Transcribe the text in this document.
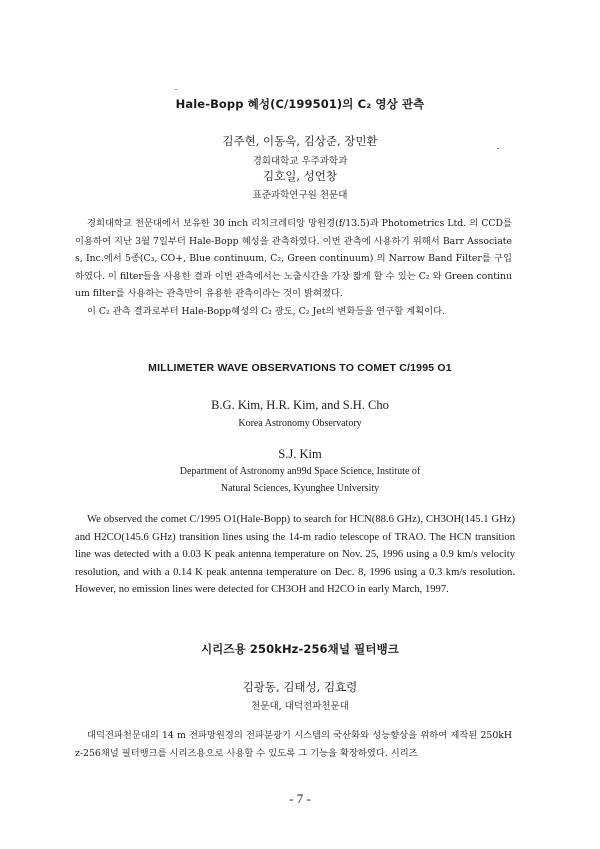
Hale-Bopp 혜성(C/199501)의 C₂ 영상 관측
김주현, 이동욱, 김상준, 장민환
경희대학교 우주과학과
김호일, 성언창
표준과학연구원 천문대

경희대학교 천문대에서 보유한 30 inch 리치크레티앙 망원경(f/13.5)과 Photometrics Ltd. 의 CCD를 이용하여 지난 3월 7일부터 Hale-Bopp 혜성을 관측하였다. 이번 관측에 사용하기 위해서 Barr Associates, Inc.에서 5종(C₃, CO+, Blue continuum, C₂, Green continuum) 의 Narrow Band Filter를 구입하였다. 이 filter들을 사용한 결과 이번 관측에서는 노출시간을 가장 짧게 할 수 있는 C₂ 와 Green continuum filter를 사용하는 관측만이 유용한 관측이라는 것이 밝혀졌다.

이 C₂ 관측 결과로부터 Hale-Bopp혜성의 C₂ 광도, C₂ Jet의 변화등을 연구할 계획이다.

MILLIMETER WAVE OBSERVATIONS TO COMET C/1995 O1
B.G. Kim, H.R. Kim, and S.H. Cho
Korea Astronomy Observatory
S.J. Kim
Department of Astronomy an99d Space Science, Institute of
Natural Sciences, Kyunghee University

We observed the comet C/1995 O1(Hale-Bopp) to search for HCN(88.6 GHz), CH3OH(145.1 GHz) and H2CO(145.6 GHz) transition lines using the 14-m radio telescope of TRAO. The HCN transition line was detected with a 0.03 K peak antenna temperature on Nov. 25, 1996 using a 0.9 km/s velocity resolution, and with a 0.14 K peak antenna temperature on Dec. 8, 1996 using a 0.3 km/s resolution. However, no emission lines were detected for CH3OH and H2CO in early March, 1997.

시리즈용 250kHz-256채널 필터뱅크
김광동, 김태성, 김효령
천문대, 대덕전파천문대

대덕전파천문대의 14 m 전파망원경의 전파분광기 시스템의 국산화와 성능향상을 위하여 제작된 250kHz-256채널 필터뱅크를 시리즈용으로 사용할 수 있도록 그 기능을 확장하였다. 시리즈

- 7 -
